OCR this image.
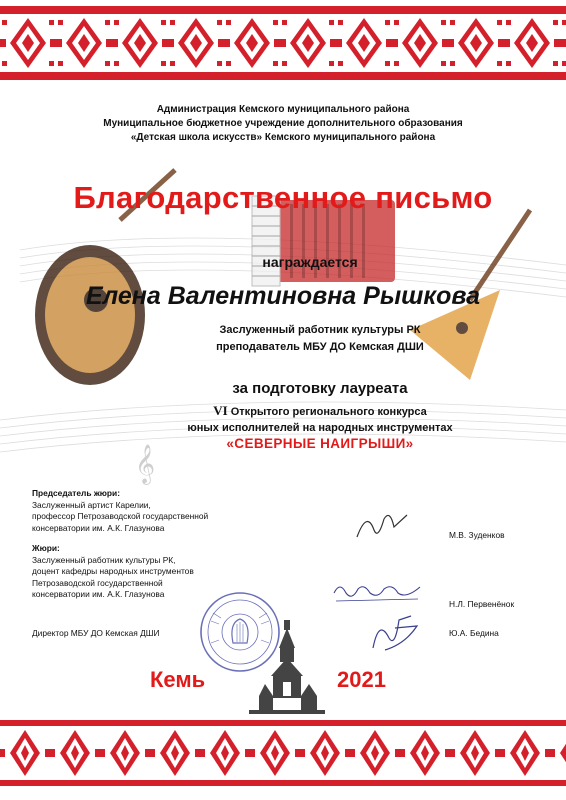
𝄞
Администрация Кемского муниципального района
Муниципальное бюджетное учреждение дополнительного образования
«Детская школа искусств» Кемского муниципального района
Благодарственное письмо
награждается
Елена Валентиновна Рышкова
Заслуженный работник культуры РК
преподаватель МБУ ДО Кемская ДШИ
за подготовку лауреата
VI Открытого регионального конкурса
юных исполнителей на народных инструментах
«СЕВЕРНЫЕ НАИГРЫШИ»
Председатель жюри:
Заслуженный артист Карелии,
профессор Петрозаводской государственной
консерватории им. А.К. Глазунова
Жюри:
Заслуженный работник культуры РК,
доцент кафедры народных инструментов
Петрозаводской государственной
консерватории им. А.К. Глазунова
Директор МБУ ДО Кемская ДШИ
М.В. Зуденков
Н.Л. Первенёнок
Ю.А. Бедина
Кемь	2021
